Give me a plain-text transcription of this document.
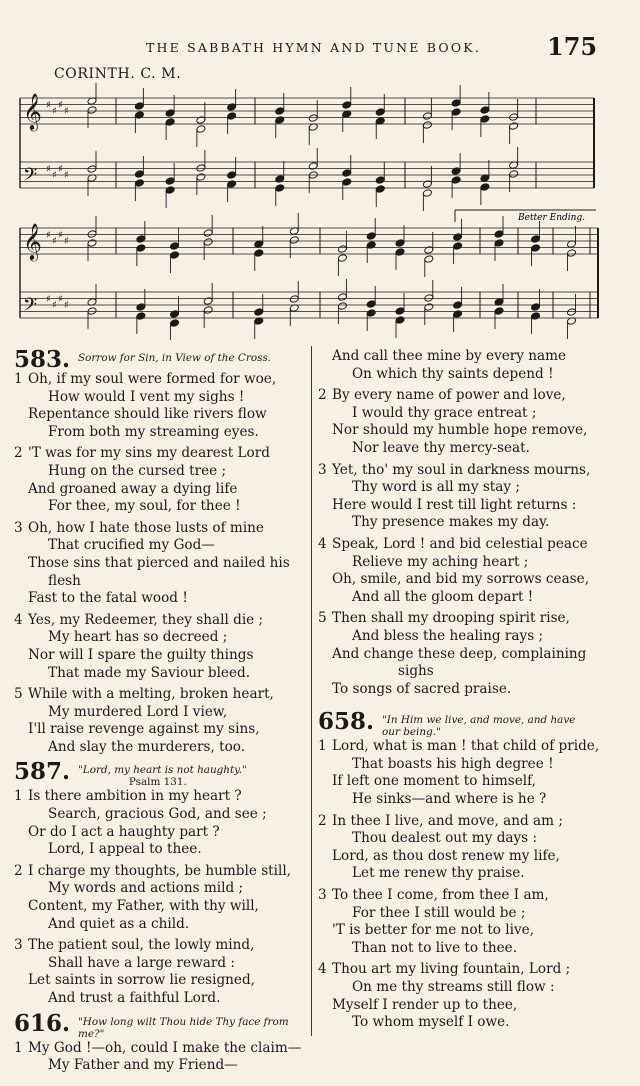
THE SABBATH HYMN AND TUNE BOOK.	175
CORINTH. C. M.
𝄞 ♯
♯
♯
♯
𝄢 ♯
♯
♯
♯
𝄞 ♯
♯
♯
♯
𝄢 ♯
♯
♯
♯
Better Ending.
583 . Sorrow for Sin, in View of the Cross.
1 Oh, if my soul were formed for woe,
How would I vent my sighs !
Repentance should like rivers flow
From both my streaming eyes.
2 'T was for my sins my dearest Lord
Hung on the cursed tree ;
And groaned away a dying life
For thee, my soul, for thee !
3 Oh, how I hate those lusts of mine
That crucified my God—
Those sins that pierced and nailed his
flesh
Fast to the fatal wood !
4 Yes, my Redeemer, they shall die ;
My heart has so decreed ;
Nor will I spare the guilty things
That made my Saviour bleed.
5 While with a melting, broken heart,
My murdered Lord I view,
I'll raise revenge against my sins,
And slay the murderers, too.
587 . "Lord, my heart is not haughty."
Psalm 131.
1 Is there ambition in my heart ?
Search, gracious God, and see ;
Or do I act a haughty part ?
Lord, I appeal to thee.
2 I charge my thoughts, be humble still,
My words and actions mild ;
Content, my Father, with thy will,
And quiet as a child.
3 The patient soul, the lowly mind,
Shall have a large reward :
Let saints in sorrow lie resigned,
And trust a faithful Lord.
616 . "How long wilt Thou hide Thy face from me?"
1 My God !—oh, could I make the claim—
My Father and my Friend—
And call thee mine by every name
On which thy saints depend !
2 By every name of power and love,
I would thy grace entreat ;
Nor should my humble hope remove,
Nor leave thy mercy-seat.
3 Yet, tho' my soul in darkness mourns,
Thy word is all my stay ;
Here would I rest till light returns :
Thy presence makes my day.
4 Speak, Lord ! and bid celestial peace
Relieve my aching heart ;
Oh, smile, and bid my sorrows cease,
And all the gloom depart !
5 Then shall my drooping spirit rise,
And bless the healing rays ;
And change these deep, complaining
sighs
To songs of sacred praise.
658 . "In Him we live, and move, and have our being."
1 Lord, what is man ! that child of pride,
That boasts his high degree !
If left one moment to himself,
He sinks—and where is he ?
2 In thee I live, and move, and am ;
Thou dealest out my days :
Lord, as thou dost renew my life,
Let me renew thy praise.
3 To thee I come, from thee I am,
For thee I still would be ;
'T is better for me not to live,
Than not to live to thee.
4 Thou art my living fountain, Lord ;
On me thy streams still flow :
Myself I render up to thee,
To whom myself I owe.
